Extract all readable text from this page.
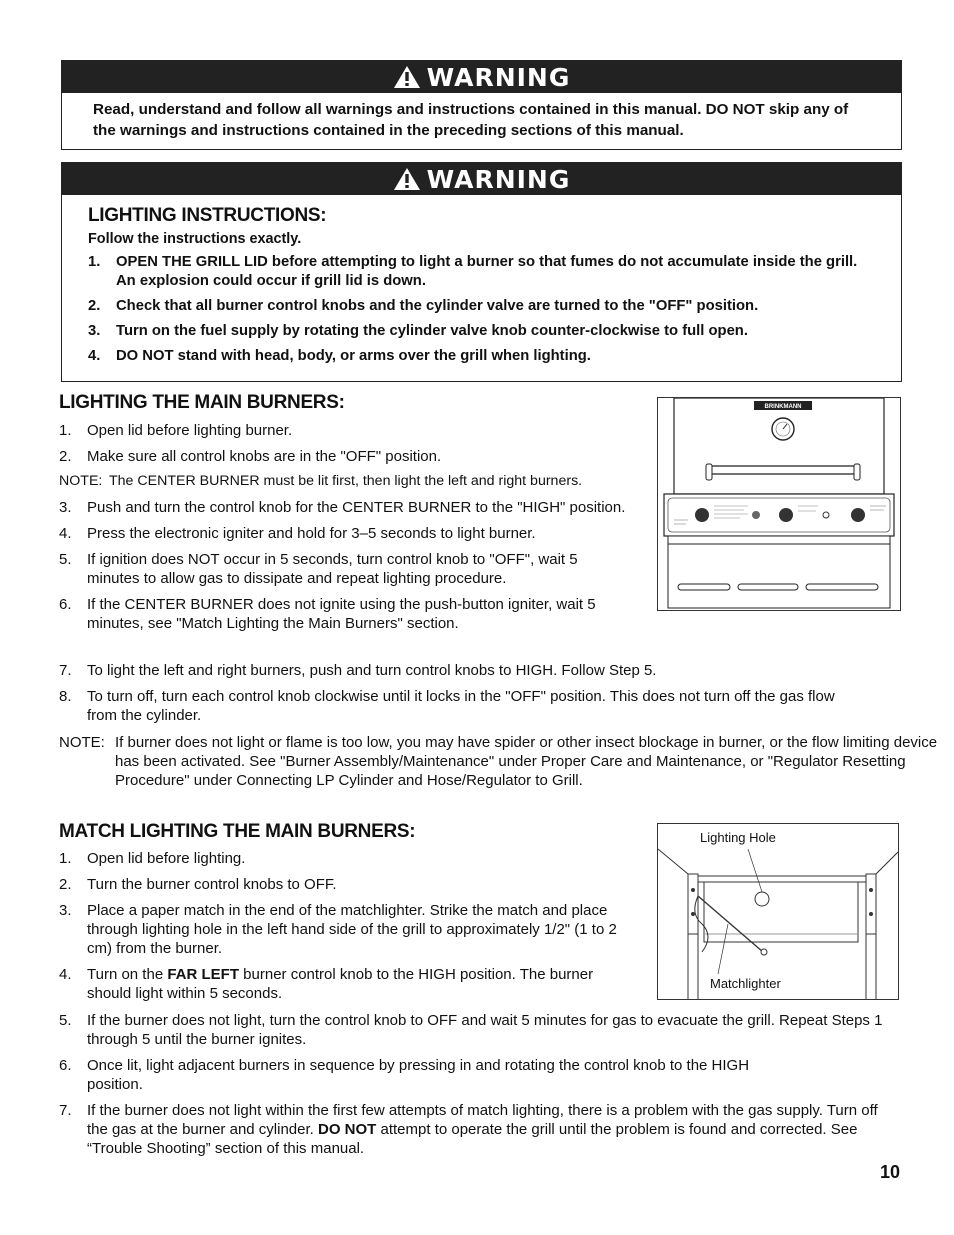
WARNING
Read, understand and follow all warnings and instructions contained in this manual. DO NOT skip any of the warnings and instructions contained in the preceding sections of this manual.
WARNING
LIGHTING INSTRUCTIONS:
Follow the instructions exactly.
1. OPEN THE GRILL LID before attempting to light a burner so that fumes do not accumulate inside the grill. An explosion could occur if grill lid is down.
2. Check that all burner control knobs and the cylinder valve are turned to the "OFF" position.
3. Turn on the fuel supply by rotating the cylinder valve knob counter-clockwise to full open.
4. DO NOT stand with head, body, or arms over the grill when lighting.
LIGHTING THE MAIN BURNERS:
1. Open lid before lighting burner.
2. Make sure all control knobs are in the "OFF" position.
NOTE: The CENTER BURNER must be lit first, then light the left and right burners.
3. Push and turn the control knob for the CENTER BURNER to the "HIGH" position.
4. Press the electronic igniter and hold for 3–5 seconds to light burner.
5. If ignition does NOT occur in 5 seconds, turn control knob to "OFF", wait 5 minutes to allow gas to dissipate and repeat lighting procedure.
6. If the CENTER BURNER does not ignite using the push-button igniter, wait 5 minutes, see "Match Lighting the Main Burners" section.
7. To light the left and right burners, push and turn control knobs to HIGH. Follow Step 5.
8. To turn off, turn each control knob clockwise until it locks in the "OFF" position. This does not turn off the gas flow from the cylinder.
NOTE: If burner does not light or flame is too low, you may have spider or other insect blockage in burner, or the flow limiting device has been activated. See "Burner Assembly/Maintenance" under Proper Care and Maintenance, or "Regulator Resetting Procedure" under Connecting LP Cylinder and Hose/Regulator to Grill.
BRINKMANN
MATCH LIGHTING THE MAIN BURNERS:
1. Open lid before lighting.
2. Turn the burner control knobs to OFF.
3. Place a paper match in the end of the matchlighter. Strike the match and place through lighting hole in the left hand side of the grill to approximately 1/2" (1 to 2 cm) from the burner.
4. Turn on the FAR LEFT burner control knob to the HIGH position. The burner should light within 5 seconds.
5. If the burner does not light, turn the control knob to OFF and wait 5 minutes for gas to evacuate the grill. Repeat Steps 1 through 5 until the burner ignites.
6. Once lit, light adjacent burners in sequence by pressing in and rotating the control knob to the HIGH position.
7. If the burner does not light within the first few attempts of match lighting, there is a problem with the gas supply. Turn off the gas at the burner and cylinder. DO NOT attempt to operate the grill until the problem is found and corrected. See “Trouble Shooting” section of this manual.
Lighting Hole
Matchlighter
10
